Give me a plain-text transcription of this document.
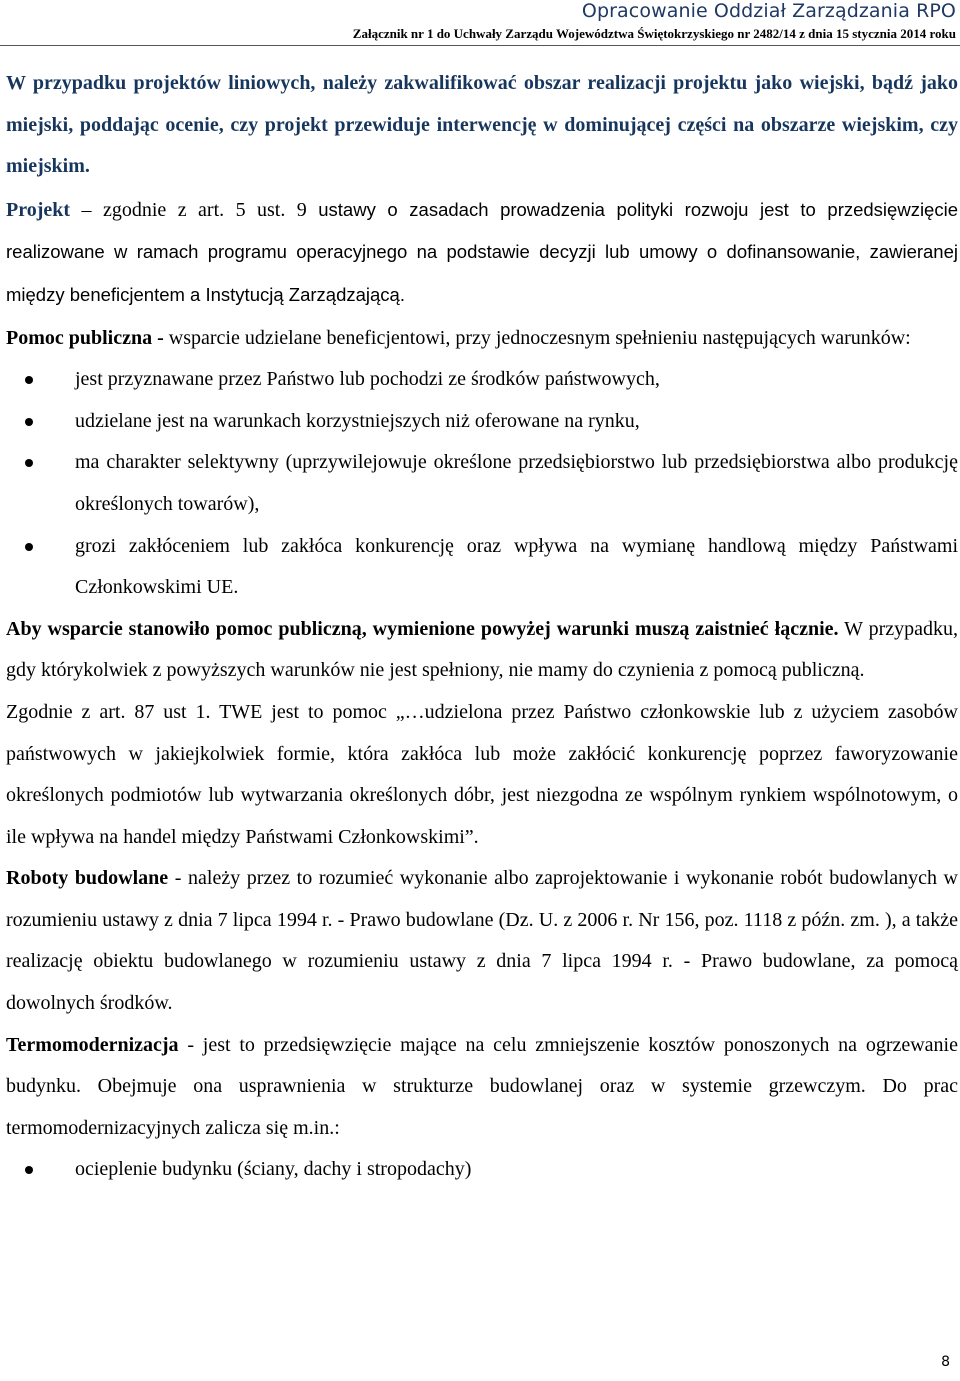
Opracowanie Oddział Zarządzania RPO
Załącznik nr 1 do Uchwały Zarządu Województwa Świętokrzyskiego nr 2482/14 z dnia 15 stycznia 2014 roku

W przypadku projektów liniowych, należy zakwalifikować obszar realizacji projektu jako wiejski, bądź jako miejski, poddając ocenie, czy projekt przewiduje interwencję w dominującej części na obszarze wiejskim, czy miejskim.

Projekt – zgodnie z art. 5 ust. 9 ustawy o zasadach prowadzenia polityki rozwoju jest to przedsięwzięcie realizowane w ramach programu operacyjnego na podstawie decyzji lub umowy o dofinansowanie, zawieranej między beneficjentem a Instytucją Zarządzającą.

Pomoc publiczna - wsparcie udzielane beneficjentowi, przy jednoczesnym spełnieniu następujących warunków:

jest przyznawane przez Państwo lub pochodzi ze środków państwowych,
udzielane jest na warunkach korzystniejszych niż oferowane na rynku,
ma charakter selektywny (uprzywilejowuje określone przedsiębiorstwo lub przedsiębiorstwa albo produkcję określonych towarów),
grozi zakłóceniem lub zakłóca konkurencję oraz wpływa na wymianę handlową między Państwami Członkowskimi UE.

Aby wsparcie stanowiło pomoc publiczną, wymienione powyżej warunki muszą zaistnieć łącznie. W przypadku, gdy którykolwiek z powyższych warunków nie jest spełniony, nie mamy do czynienia z pomocą publiczną.

Zgodnie z art. 87 ust 1. TWE jest to pomoc „…udzielona przez Państwo członkowskie lub z użyciem zasobów państwowych w jakiejkolwiek formie, która zakłóca lub może zakłócić konkurencję poprzez faworyzowanie określonych podmiotów lub wytwarzania określonych dóbr, jest niezgodna ze wspólnym rynkiem wspólnotowym, o ile wpływa na handel między Państwami Członkowskimi”.

Roboty budowlane - należy przez to rozumieć wykonanie albo zaprojektowanie i wykonanie robót budowlanych w rozumieniu ustawy z dnia 7 lipca 1994 r. - Prawo budowlane (Dz. U. z 2006 r. Nr 156, poz. 1118 z późn. zm. ), a także realizację obiektu budowlanego w rozumieniu ustawy z dnia 7 lipca 1994 r. - Prawo budowlane, za pomocą dowolnych środków.

Termomodernizacja - jest to przedsięwzięcie mające na celu zmniejszenie kosztów ponoszonych na ogrzewanie budynku. Obejmuje ona usprawnienia w strukturze budowlanej oraz w systemie grzewczym. Do prac termomodernizacyjnych zalicza się m.in.:

ocieplenie budynku (ściany, dachy i stropodachy)
8
